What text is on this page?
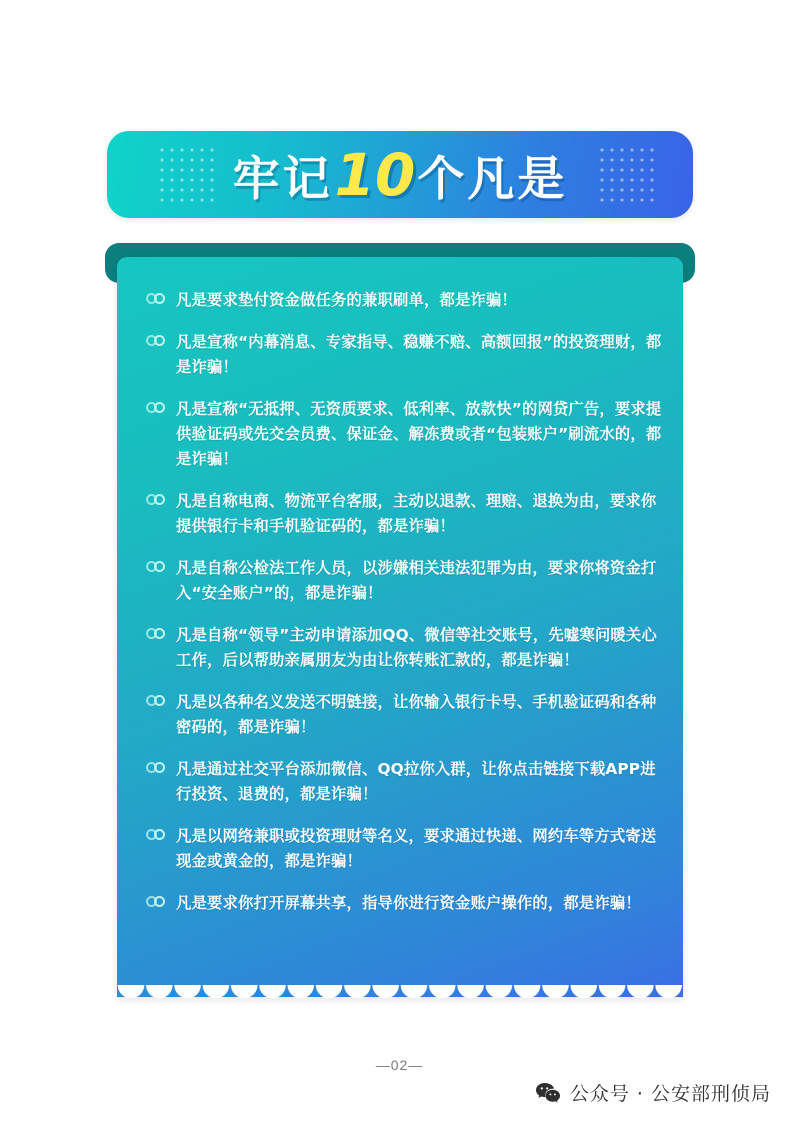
牢记10个凡是
凡是要求垫付资金做任务的兼职刷单，都是诈骗！
凡是宣称“内幕消息、专家指导、稳赚不赔、高额回报”的投资理财，都是诈骗！
凡是宣称“无抵押、无资质要求、低利率、放款快”的网贷广告，要求提供验证码或先交会员费、保证金、解冻费或者“包装账户”刷流水的，都是诈骗！
凡是自称电商、物流平台客服，主动以退款、理赔、退换为由，要求你提供银行卡和手机验证码的，都是诈骗！
凡是自称公检法工作人员，以涉嫌相关违法犯罪为由，要求你将资金打入“安全账户”的，都是诈骗！
凡是自称“领导”主动申请添加QQ、微信等社交账号，先嘘寒问暖关心工作，后以帮助亲属朋友为由让你转账汇款的，都是诈骗！
凡是以各种名义发送不明链接，让你输入银行卡号、手机验证码和各种密码的，都是诈骗！
凡是通过社交平台添加微信、QQ拉你入群，让你点击链接下载APP进行投资、退费的，都是诈骗！
凡是以网络兼职或投资理财等名义，要求通过快递、网约车等方式寄送现金或黄金的，都是诈骗！
凡是要求你打开屏幕共享，指导你进行资金账户操作的，都是诈骗！
—02—
公众号 · 公安部刑侦局
